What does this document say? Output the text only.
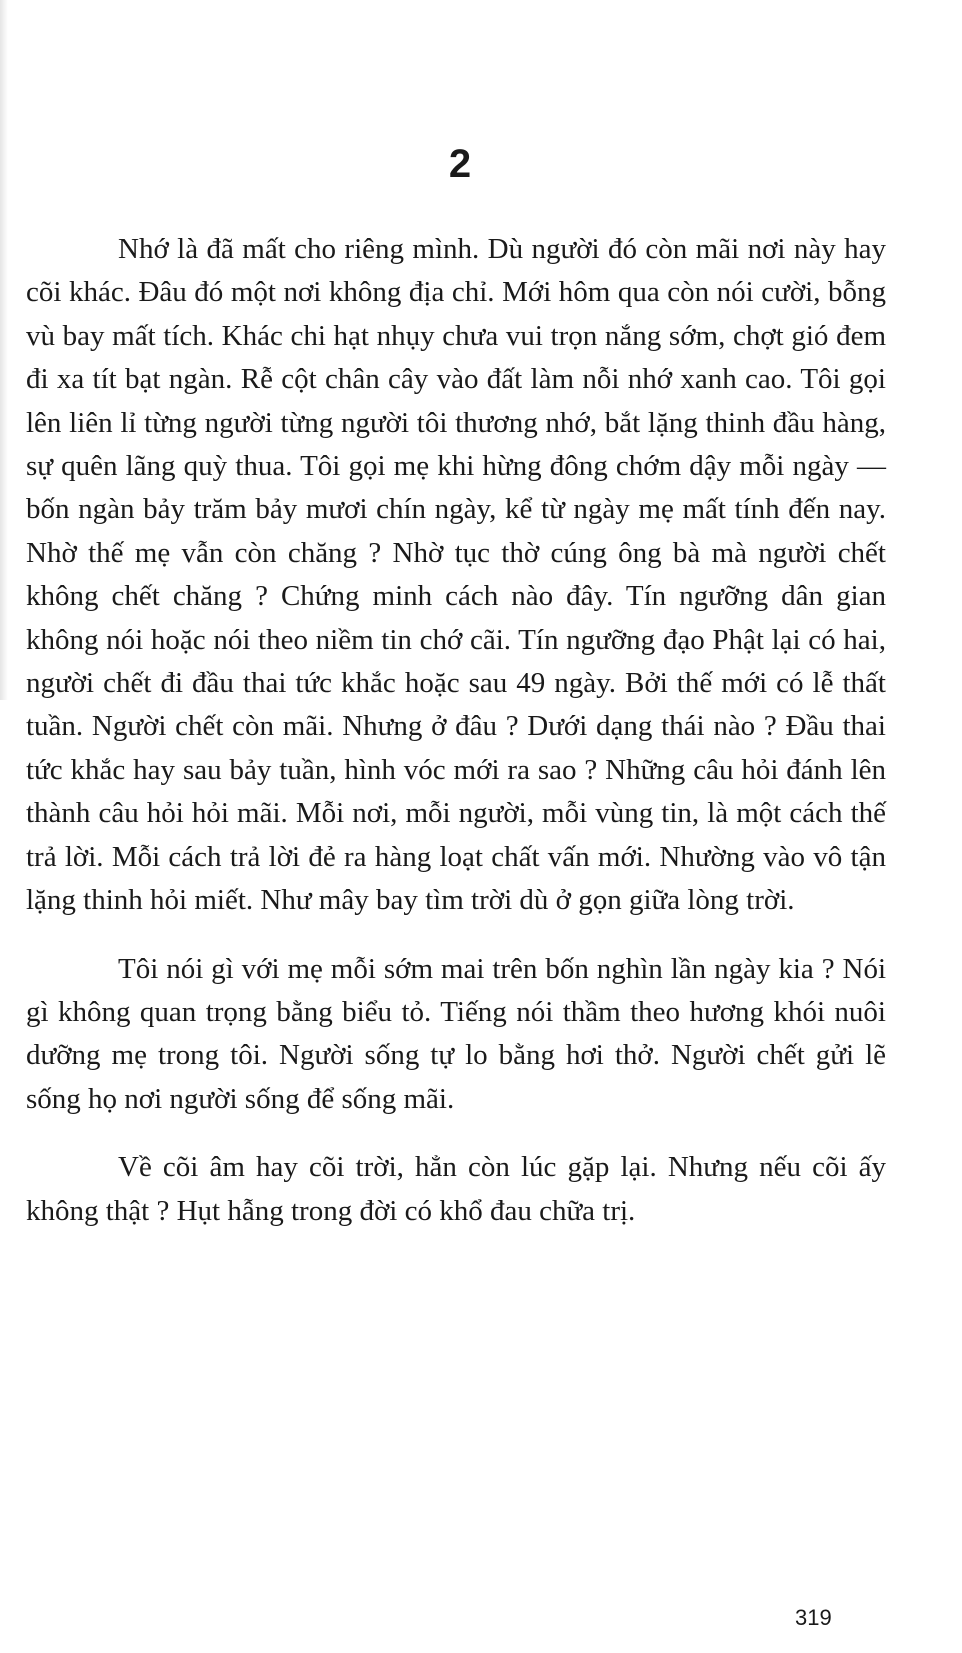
2

Nhớ là đã mất cho riêng mình. Dù người đó còn mãi nơi này hay cõi khác. Đâu đó một nơi không địa chỉ. Mới hôm qua còn nói cười, bỗng vù bay mất tích. Khác chi hạt nhụy chưa vui trọn nắng sớm, chợt gió đem đi xa tít bạt ngàn. Rễ cột chân cây vào đất làm nỗi nhớ xanh cao. Tôi gọi lên liên lỉ từng người từng người tôi thương nhớ, bắt lặng thinh đầu hàng, sự quên lãng quỳ thua. Tôi gọi mẹ khi hừng đông chớm dậy mỗi ngày — bốn ngàn bảy trăm bảy mươi chín ngày, kể từ ngày mẹ mất tính đến nay. Nhờ thế mẹ vẫn còn chăng ? Nhờ tục thờ cúng ông bà mà người chết không chết chăng ? Chứng minh cách nào đây. Tín ngưỡng dân gian không nói hoặc nói theo niềm tin chớ cãi. Tín ngưỡng đạo Phật lại có hai, người chết đi đầu thai tức khắc hoặc sau 49 ngày. Bởi thế mới có lễ thất tuần. Người chết còn mãi. Nhưng ở đâu ? Dưới dạng thái nào ? Đầu thai tức khắc hay sau bảy tuần, hình vóc mới ra sao ? Những câu hỏi đánh lên thành câu hỏi hỏi mãi. Mỗi nơi, mỗi người, mỗi vùng tin, là một cách thế trả lời. Mỗi cách trả lời đẻ ra hàng loạt chất vấn mới. Nhường vào vô tận lặng thinh hỏi miết. Như mây bay tìm trời dù ở gọn giữa lòng trời.

Tôi nói gì với mẹ mỗi sớm mai trên bốn nghìn lần ngày kia ? Nói gì không quan trọng bằng biểu tỏ. Tiếng nói thầm theo hương khói nuôi dưỡng mẹ trong tôi. Người sống tự lo bằng hơi thở. Người chết gửi lẽ sống họ nơi người sống để sống mãi.

Về cõi âm hay cõi trời, hẳn còn lúc gặp lại. Nhưng nếu cõi ấy không thật ? Hụt hẫng trong đời có khổ đau chữa trị.

319
